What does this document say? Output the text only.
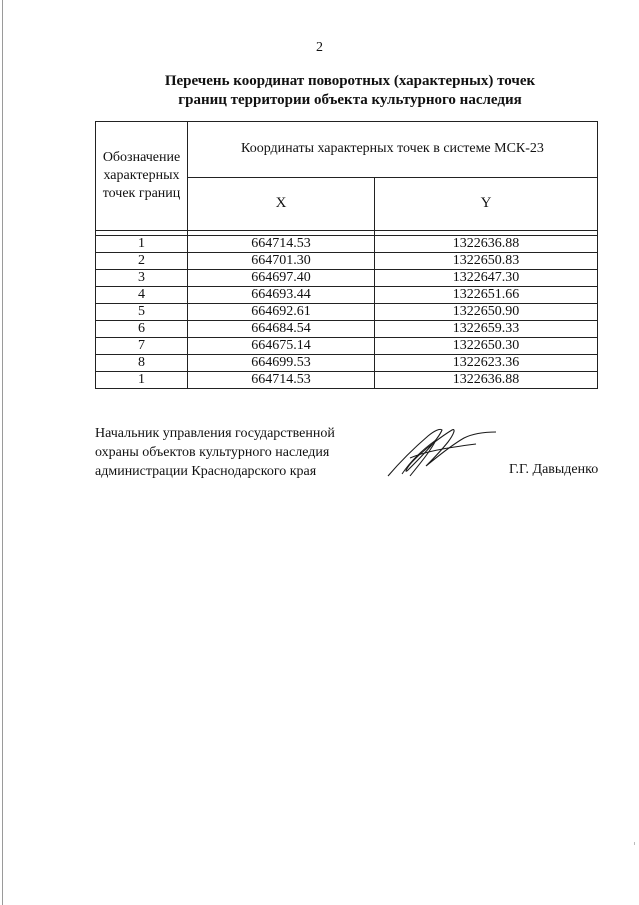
2
Перечень координат поворотных (характерных) точек
границ территории объекта культурного наследия
Обозначение характерных точек границ	Координаты характерных точек в системе МСК-23	
	X	Y

1	664714.53	1322636.88
2	664701.30	1322650.83
3	664697.40	1322647.30
4	664693.44	1322651.66
5	664692.61	1322650.90
6	664684.54	1322659.33
7	664675.14	1322650.30
8	664699.53	1322623.36
1	664714.53	1322636.88
Начальник управления государственной
охраны объектов культурного наследия
администрации Краснодарского края	Г.Г. Давыденко
